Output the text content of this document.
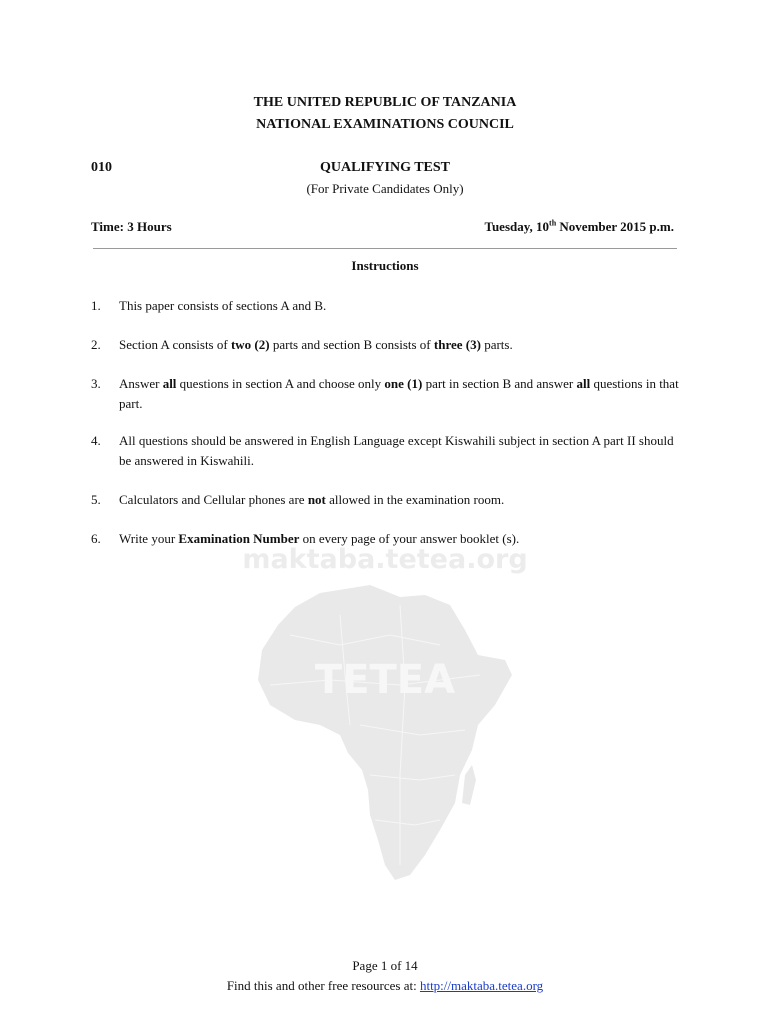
maktaba.tetea.org
TETEA
THE UNITED REPUBLIC OF TANZANIA
NATIONAL EXAMINATIONS COUNCIL
010	QUALIFYING TEST
(For Private Candidates Only)
Time: 3 Hours	Tuesday, 10th November 2015 p.m.
Instructions
1. This paper consists of sections A and B.
2. Section A consists of two (2) parts and section B consists of three (3) parts.
3. Answer all questions in section A and choose only one (1) part in section B and answer all questions in that part.
4. All questions should be answered in English Language except Kiswahili subject in section A part II should be answered in Kiswahili.
5. Calculators and Cellular phones are not allowed in the examination room.
6. Write your Examination Number on every page of your answer booklet (s).
Page 1 of 14
Find this and other free resources at: http://maktaba.tetea.org
